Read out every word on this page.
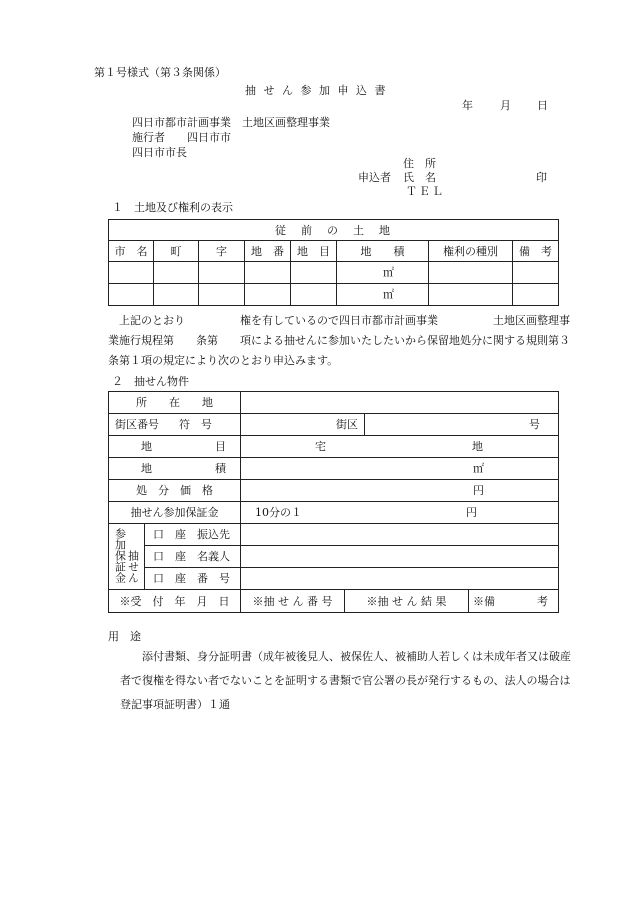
第１号様式（第３条関係）
抽 せ ん 参 加 申 込 書
年 月 日
四日市都市計画事業　土地区画整理事業
施行者　　四日市市
四日市市長
住　所
申込者 氏　名	印
ＴＥＬ
１　土地及び権利の表示
従　前　の　土　地							
市　名	町	字	地　番	地　目	地　　積	権利の種別	備　考
					㎡		
					㎡		
上記のとおり　　　　　権を有しているので四日市都市計画事業　　　　　土地区画整理事業施行規程第　　条第　　項による抽せんに参加いたしたいから保留地処分に関する規則第３条第１項の規定により次のとおり申込みます。
２　抽せん物件
所　　在　　地					
街区番号 符　号		街区		号	
地 目		宅 地			
地 積		㎡			
処　分　価　格		円			
抽せん参加保証金		10分の１ 円			
参加保証金抽せん	口　座　振込先				
	口　座　名義人				
	口　座　番　号				
※受　付　年　月　日		※抽 せ ん 番 号	※抽 せ ん 結 果		※備 考
用　途
添付書類、身分証明書（成年被後見人、被保佐人、被補助人若しくは未成年者又は破産者で復権を得ない者でないことを証明する書類で官公署の長が発行するもの、法人の場合は登記事項証明書）１通
